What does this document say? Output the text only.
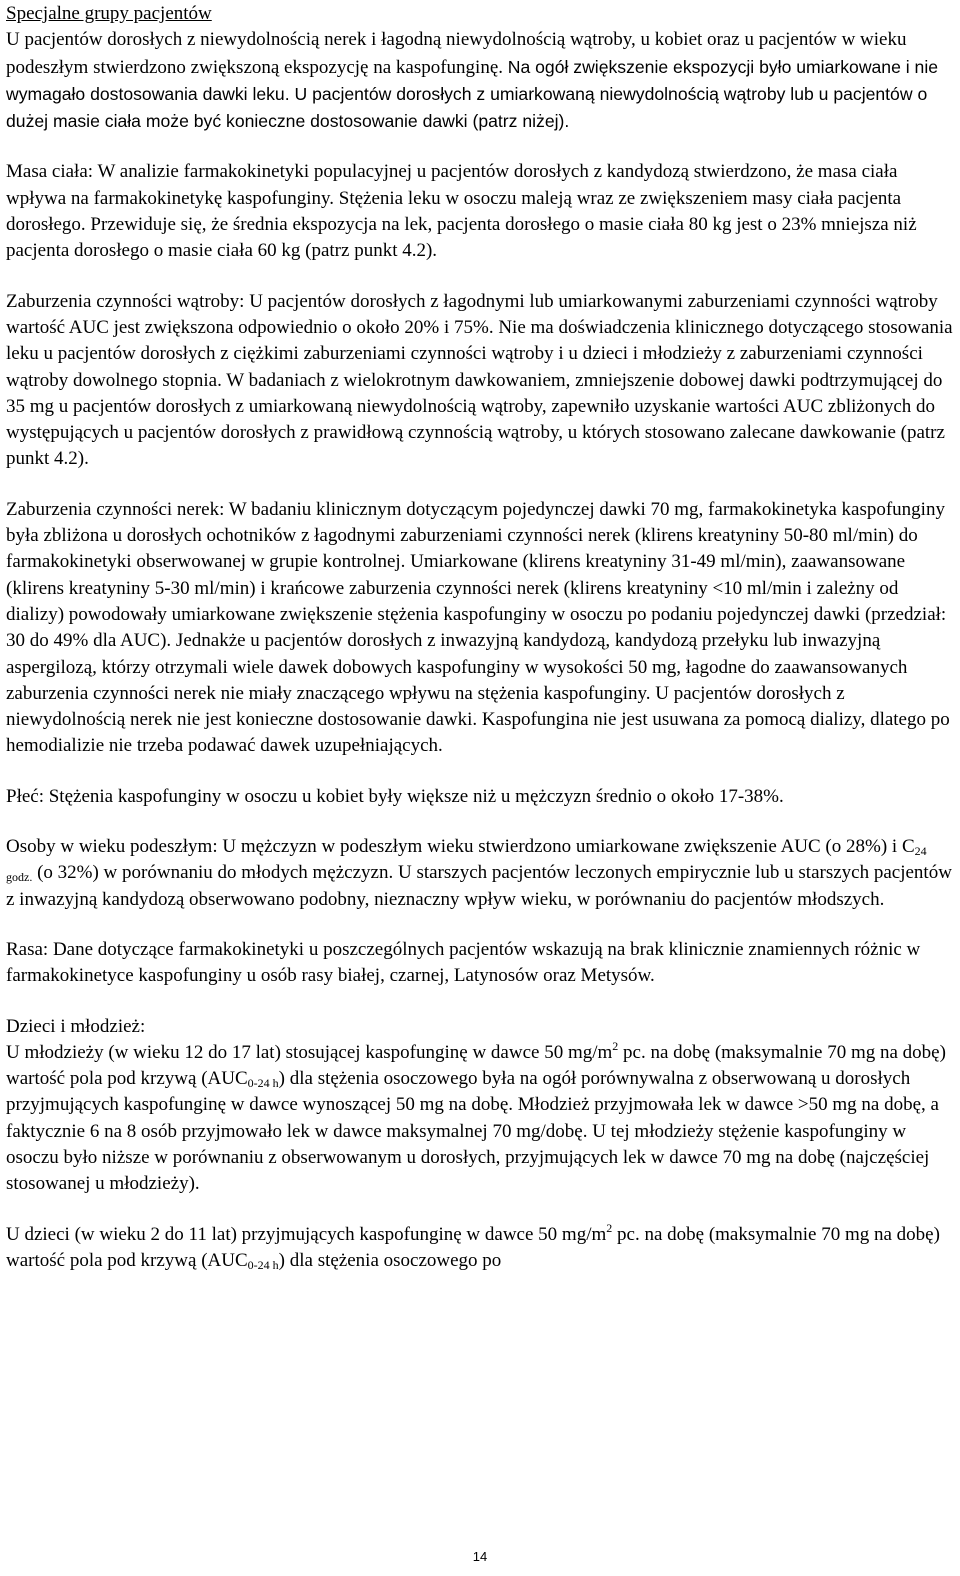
Specjalne grupy pacjentów

U pacjentów dorosłych z niewydolnością nerek i łagodną niewydolnością wątroby, u kobiet oraz u pacjentów w wieku podeszłym stwierdzono zwiększoną ekspozycję na kaspofunginę. Na ogół zwiększenie ekspozycji było umiarkowane i nie wymagało dostosowania dawki leku. U pacjentów dorosłych z umiarkowaną niewydolnością wątroby lub u pacjentów o dużej masie ciała może być konieczne dostosowanie dawki (patrz niżej).

Masa ciała: W analizie farmakokinetyki populacyjnej u pacjentów dorosłych z kandydozą stwierdzono, że masa ciała wpływa na farmakokinetykę kaspofunginy. Stężenia leku w osoczu maleją wraz ze zwiększeniem masy ciała pacjenta dorosłego. Przewiduje się, że średnia ekspozycja na lek, pacjenta dorosłego o masie ciała 80 kg jest o 23% mniejsza niż pacjenta dorosłego o masie ciała 60 kg (patrz punkt 4.2).

Zaburzenia czynności wątroby: U pacjentów dorosłych z łagodnymi lub umiarkowanymi zaburzeniami czynności wątroby wartość AUC jest zwiększona odpowiednio o około 20% i 75%. Nie ma doświadczenia klinicznego dotyczącego stosowania leku u pacjentów dorosłych z ciężkimi zaburzeniami czynności wątroby i u dzieci i młodzieży z zaburzeniami czynności wątroby dowolnego stopnia. W badaniach z wielokrotnym dawkowaniem, zmniejszenie dobowej dawki podtrzymującej do 35 mg u pacjentów dorosłych z umiarkowaną niewydolnością wątroby, zapewniło uzyskanie wartości AUC zbliżonych do występujących u pacjentów dorosłych z prawidłową czynnością wątroby, u których stosowano zalecane dawkowanie (patrz punkt 4.2).

Zaburzenia czynności nerek: W badaniu klinicznym dotyczącym pojedynczej dawki 70 mg, farmakokinetyka kaspofunginy była zbliżona u dorosłych ochotników z łagodnymi zaburzeniami czynności nerek (klirens kreatyniny 50-80 ml/min) do farmakokinetyki obserwowanej w grupie kontrolnej. Umiarkowane (klirens kreatyniny 31-49 ml/min), zaawansowane (klirens kreatyniny 5-30 ml/min) i krańcowe zaburzenia czynności nerek (klirens kreatyniny <10 ml/min i zależny od dializy) powodowały umiarkowane zwiększenie stężenia kaspofunginy w osoczu po podaniu pojedynczej dawki (przedział: 30 do 49% dla AUC). Jednakże u pacjentów dorosłych z inwazyjną kandydozą, kandydozą przełyku lub inwazyjną aspergilozą, którzy otrzymali wiele dawek dobowych kaspofunginy w wysokości 50 mg, łagodne do zaawansowanych zaburzenia czynności nerek nie miały znaczącego wpływu na stężenia kaspofunginy. U pacjentów dorosłych z niewydolnością nerek nie jest konieczne dostosowanie dawki. Kaspofungina nie jest usuwana za pomocą dializy, dlatego po hemodializie nie trzeba podawać dawek uzupełniających.

Płeć: Stężenia kaspofunginy w osoczu u kobiet były większe niż u mężczyzn średnio o około 17-38%.

Osoby w wieku podeszłym: U mężczyzn w podeszłym wieku stwierdzono umiarkowane zwiększenie AUC (o 28%) i $C_{24 godz.}$ (o 32%) w porównaniu do młodych mężczyzn. U starszych pacjentów leczonych empirycznie lub u starszych pacjentów z inwazyjną kandydozą obserwowano podobny, nieznaczny wpływ wieku, w porównaniu do pacjentów młodszych.

Rasa: Dane dotyczące farmakokinetyki u poszczególnych pacjentów wskazują na brak klinicznie znamiennych różnic w farmakokinetyce kaspofunginy u osób rasy białej, czarnej, Latynosów oraz Metysów.

Dzieci i młodzież:

U młodzieży (w wieku 12 do 17 lat) stosującej kaspofunginę w dawce 50 $mg/m^2$ pc. na dobę (maksymalnie 70 mg na dobę) wartość pola pod krzywą $(AUC_{0-24 h})$ dla stężenia osoczowego była na ogół porównywalna z obserwowaną u dorosłych przyjmujących kaspofunginę w dawce wynoszącej 50 mg na dobę. Młodzież przyjmowała lek w dawce >50 mg na dobę, a faktycznie 6 na 8 osób przyjmowało lek w dawce maksymalnej 70 mg/dobę. U tej młodzieży stężenie kaspofunginy w osoczu było niższe w porównaniu z obserwowanym u dorosłych, przyjmujących lek w dawce 70 mg na dobę (najczęściej stosowanej u młodzieży).

U dzieci (w wieku 2 do 11 lat) przyjmujących kaspofunginę w dawce 50 $mg/m^2$ pc. na dobę (maksymalnie 70 mg na dobę) wartość pola pod krzywą $(AUC_{0-24 h})$ dla stężenia osoczowego po

14
